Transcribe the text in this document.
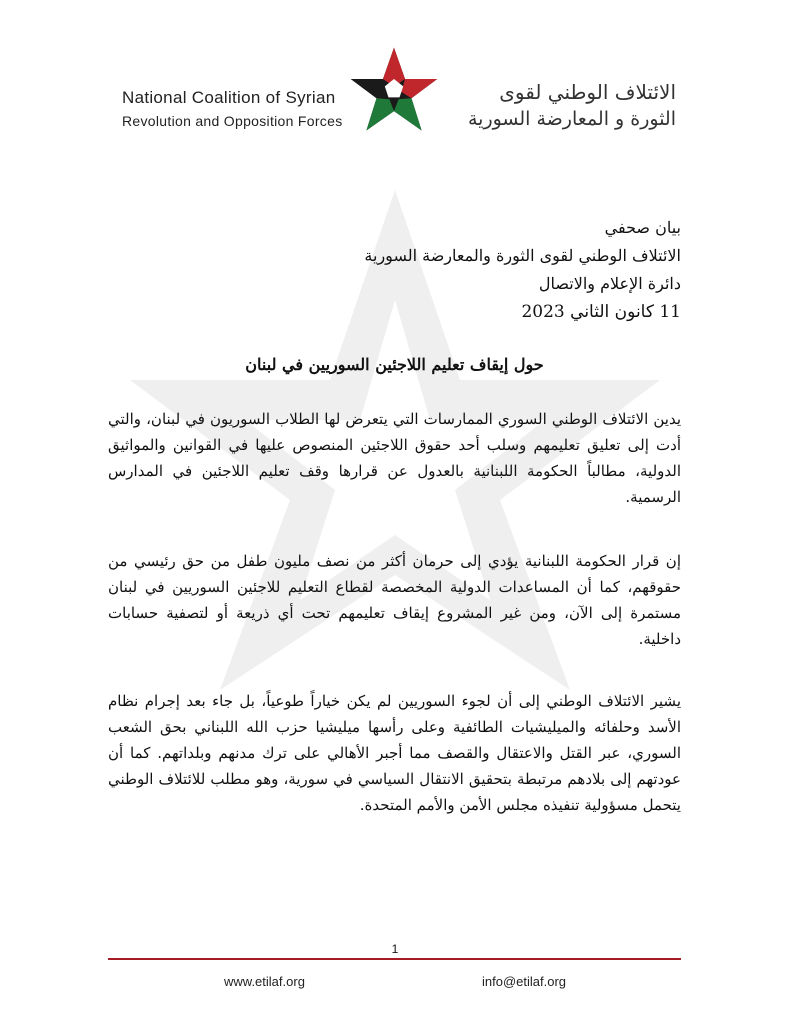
National Coalition of Syrian
Revolution and Opposition Forces
الائتلاف الوطني لقوى
الثورة و المعارضة السورية
بيان صحفي
الائتلاف الوطني لقوى الثورة والمعارضة السورية
دائرة الإعلام والاتصال
11 كانون الثاني 2023
حول إيقاف تعليم اللاجئين السوريين في لبنان
يدين الائتلاف الوطني السوري الممارسات التي يتعرض لها الطلاب السوريون في لبنان، والتي أدت إلى تعليق تعليمهم وسلب أحد حقوق اللاجئين المنصوص عليها في القوانين والمواثيق الدولية، مطالباً الحكومة اللبنانية بالعدول عن قرارها وقف تعليم اللاجئين في المدارس الرسمية.
إن قرار الحكومة اللبنانية يؤدي إلى حرمان أكثر من نصف مليون طفل من حق رئيسي من حقوقهم، كما أن المساعدات الدولية المخصصة لقطاع التعليم للاجئين السوريين في لبنان مستمرة إلى الآن، ومن غير المشروع إيقاف تعليمهم تحت أي ذريعة أو لتصفية حسابات داخلية.
يشير الائتلاف الوطني إلى أن لجوء السوريين لم يكن خياراً طوعياً، بل جاء بعد إجرام نظام الأسد وحلفائه والميليشيات الطائفية وعلى رأسها ميليشيا حزب الله اللبناني بحق الشعب السوري، عبر القتل والاعتقال والقصف مما أجبر الأهالي على ترك مدنهم وبلداتهم. كما أن عودتهم إلى بلادهم مرتبطة بتحقيق الانتقال السياسي في سورية، وهو مطلب للائتلاف الوطني يتحمل مسؤولية تنفيذه مجلس الأمن والأمم المتحدة.
1
www.etilaf.org	info@etilaf.org
